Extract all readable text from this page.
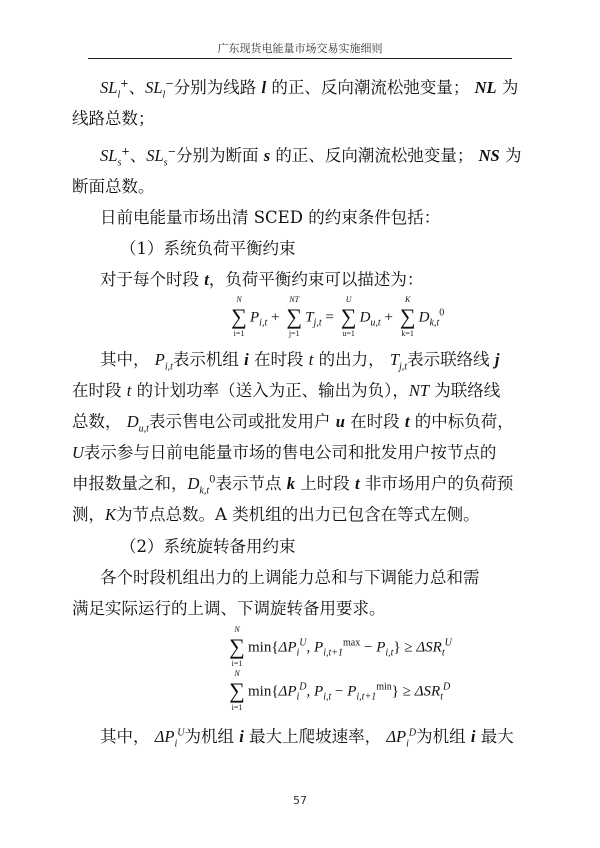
广东现货电能量市场交易实施细则
$SL_l^+$、$SL_l^-$分别为线路 l 的正、反向潮流松弛变量； NL 为
线路总数；
$SL_s^+$、$SL_s^-$分别为断面 s 的正、反向潮流松弛变量； NS 为
断面总数。
日前电能量市场出清 SCED 的约束条件包括：
（1）系统负荷平衡约束
对于每个时段 t，负荷平衡约束可以描述为：
N
∑
i=1
$P_{i,t}$ +
NT
∑
j=1
$T_{j,t}$ =
U
∑
u=1
$D_{u,t}$ +
K
∑
k=1
$D_{k,t}^0$
其中， $P_{i,t}$表示机组 i 在时段 t 的出力， $T_{j,t}$表示联络线 j
在时段 t 的计划功率（送入为正、输出为负），NT 为联络线
总数， $D_{u,t}$表示售电公司或批发用户 u 在时段 t 的中标负荷，
U表示参与日前电能量市场的售电公司和批发用户按节点的
申报数量之和，$D_{k,t}^0$表示节点 k 上时段 t 非市场用户的负荷预
测，K为节点总数。A 类机组的出力已包含在等式左侧。
（2）系统旋转备用约束
各个时段机组出力的上调能力总和与下调能力总和需
满足实际运行的上调、下调旋转备用要求。
N
∑
i=1
$\min\{\Delta P_i^U$, $P_{i,t+1}^{max} - P_{i,t}\} \ge \Delta SR_t^U$
N
∑
i=1
$\min\{\Delta P_i^D$, $P_{i,t} - P_{i,t+1}^{min}\} \ge \Delta SR_t^D$
其中， $\Delta P_i^U$为机组 i 最大上爬坡速率， $\Delta P_i^D$为机组 i 最大
57
